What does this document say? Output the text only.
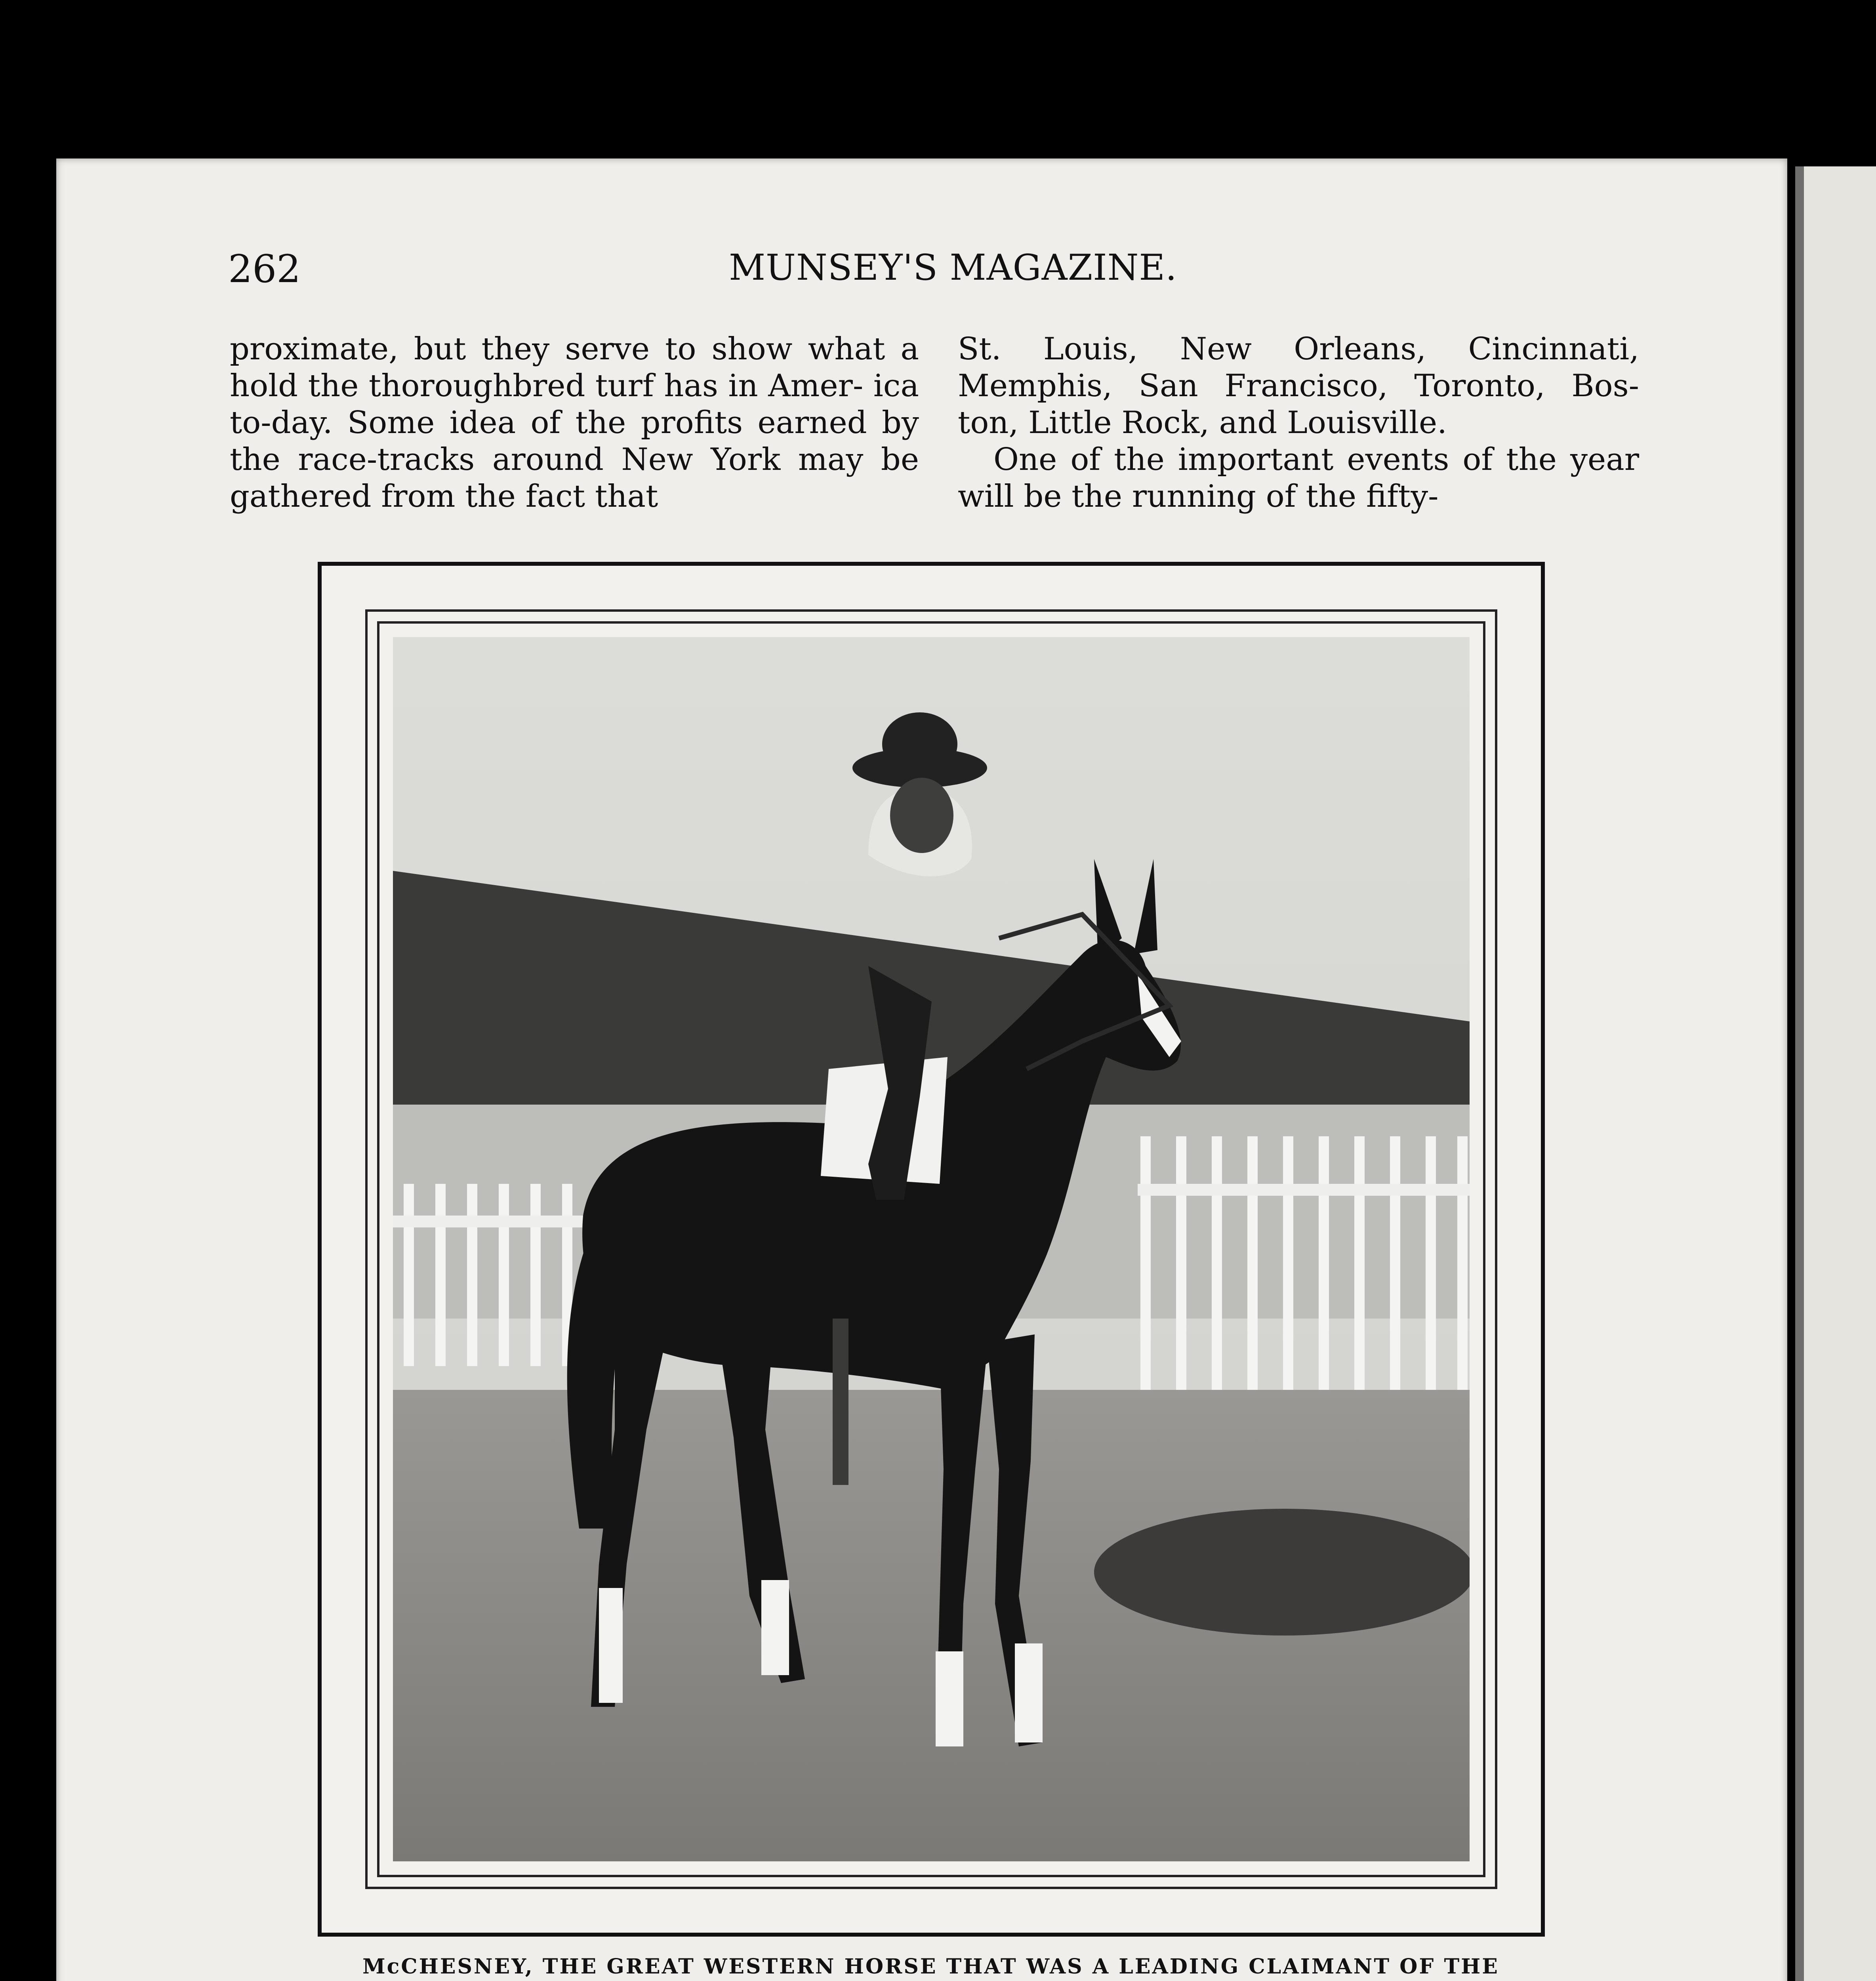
262	MUNSEY'S MAGAZINE.

proximate, but they serve to show what a hold the thoroughbred turf has in Amer- ica to-day. Some idea of the profits earned by the race-tracks around New York may be gathered from the fact that

St. Louis, New Orleans, Cincinnati, Memphis, San Francisco, Toronto, Bos- ton, Little Rock, and Louisville.

One of the important events of the year will be the running of the fifty-

McCHESNEY, THE GREAT WESTERN HORSE THAT WAS A LEADING CLAIMANT OF THE
